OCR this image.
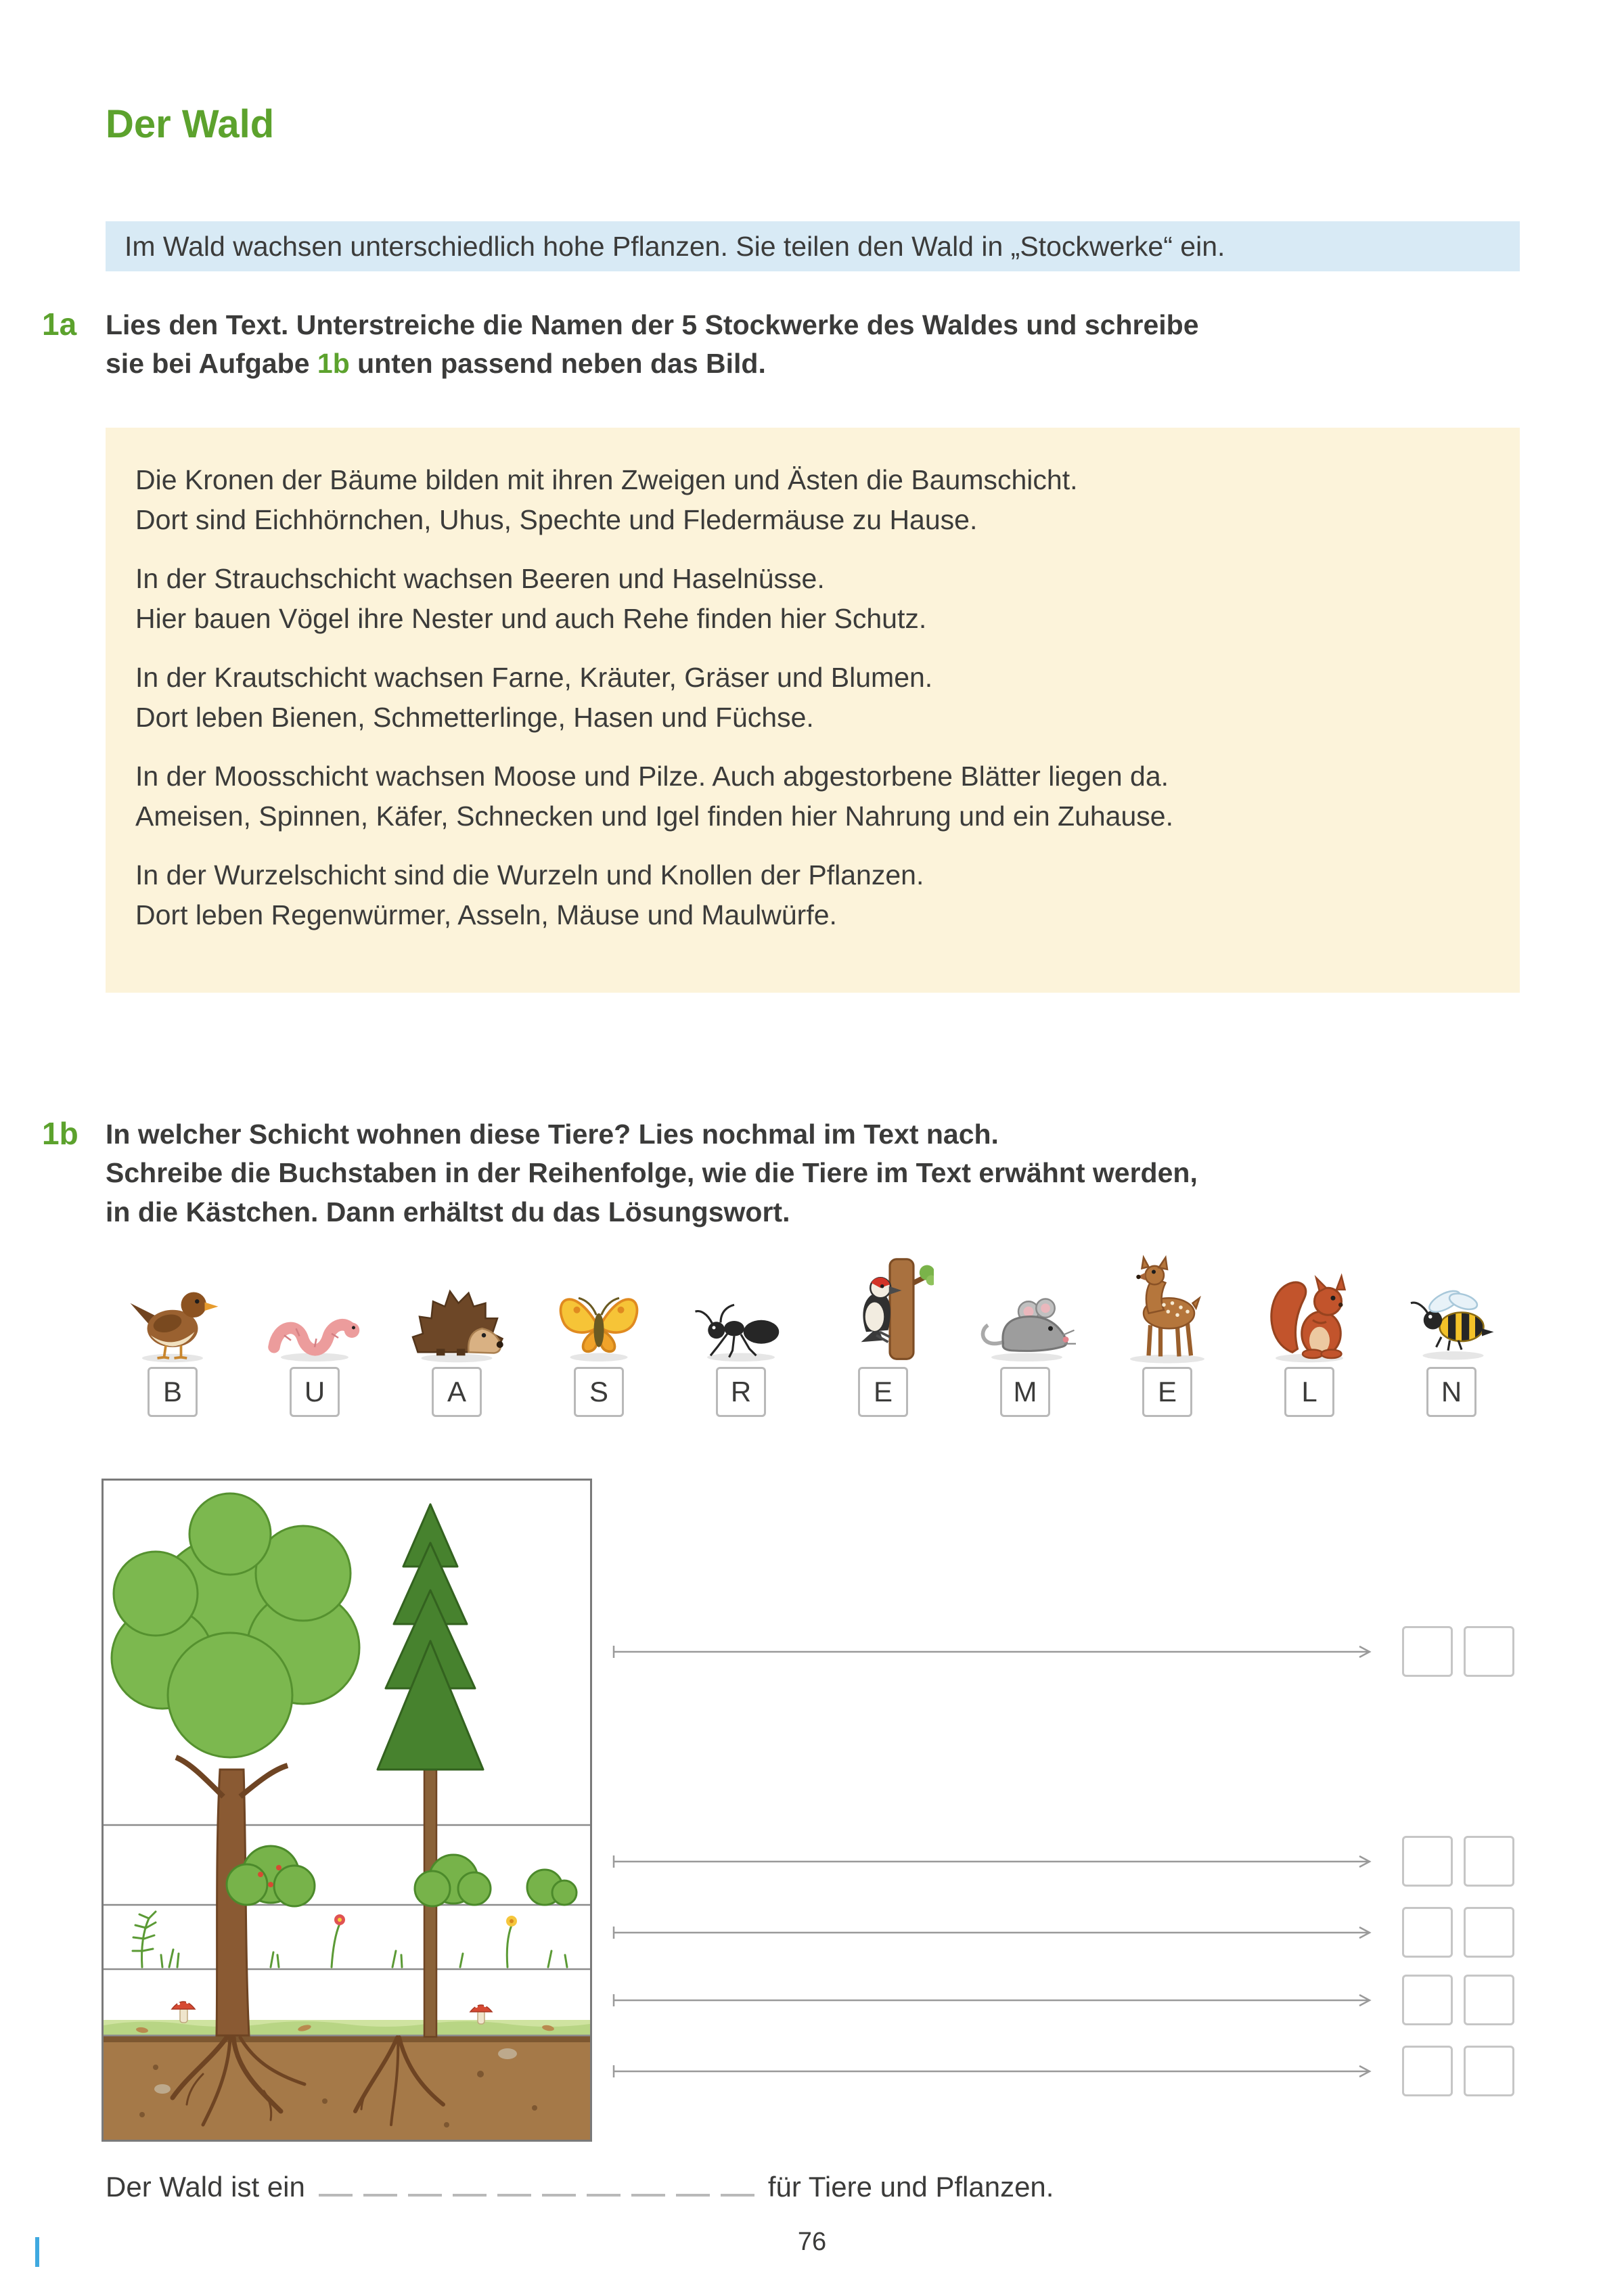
Der Wald
Im Wald wachsen unterschiedlich hohe Pflanzen. Sie teilen den Wald in „Stockwerke“ ein.
1a	Lies den Text. Unterstreiche die Namen der 5 Stockwerke des Waldes und schreibe
sie bei Aufgabe 1b unten passend neben das Bild.

Die Kronen der Bäume bilden mit ihren Zweigen und Ästen die Baumschicht.
Dort sind Eichhörnchen, Uhus, Spechte und Fledermäuse zu Hause.

In der Strauchschicht wachsen Beeren und Haselnüsse.
Hier bauen Vögel ihre Nester und auch Rehe finden hier Schutz.

In der Krautschicht wachsen Farne, Kräuter, Gräser und Blumen.
Dort leben Bienen, Schmetterlinge, Hasen und Füchse.

In der Moosschicht wachsen Moose und Pilze. Auch abgestorbene Blätter liegen da.
Ameisen, Spinnen, Käfer, Schnecken und Igel finden hier Nahrung und ein Zuhause.

In der Wurzelschicht sind die Wurzeln und Knollen der Pflanzen.
Dort leben Regenwürmer, Asseln, Mäuse und Maulwürfe.

1b In welcher Schicht wohnen diese Tiere? Lies nochmal im Text nach.
Schreibe die Buchstaben in der Reihenfolge, wie die Tiere im Text erwähnt werden,
in die Kästchen. Dann erhältst du das Lösungswort.
B	U	A	S	R	E	M	E	L	N
Der Wald ist ein	für Tiere und Pflanzen.
76
